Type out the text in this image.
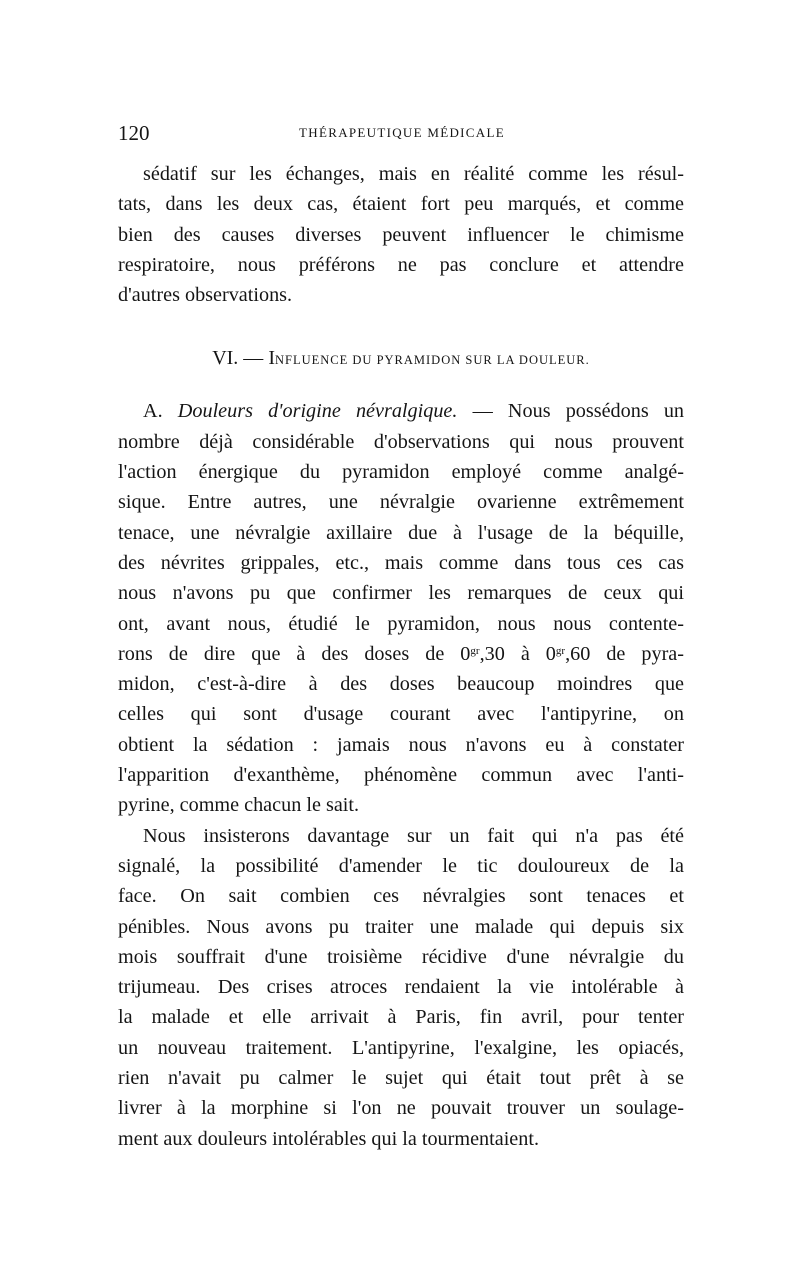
120	THÉRAPEUTIQUE MÉDICALE
sédatif sur les échanges, mais en réalité comme les résul-
tats, dans les deux cas, étaient fort peu marqués, et comme
bien des causes diverses peuvent influencer le chimisme
respiratoire, nous préférons ne pas conclure et attendre
d'autres observations.
VI. — INFLUENCE DU PYRAMIDON SUR LA DOULEUR.
A. Douleurs d'origine névralgique. — Nous possédons un
nombre déjà considérable d'observations qui nous prouvent
l'action énergique du pyramidon employé comme analgé-
sique. Entre autres, une névralgie ovarienne extrêmement
tenace, une névralgie axillaire due à l'usage de la béquille,
des névrites grippales, etc., mais comme dans tous ces cas
nous n'avons pu que confirmer les remarques de ceux qui
ont, avant nous, étudié le pyramidon, nous nous contente-
rons de dire que à des doses de $0^{gr},30$ à $0^{gr},60$ de pyra-
midon, c'est-à-dire à des doses beaucoup moindres que
celles qui sont d'usage courant avec l'antipyrine, on
obtient la sédation : jamais nous n'avons eu à constater
l'apparition d'exanthème, phénomène commun avec l'anti-
pyrine, comme chacun le sait.
Nous insisterons davantage sur un fait qui n'a pas été
signalé, la possibilité d'amender le tic douloureux de la
face. On sait combien ces névralgies sont tenaces et
pénibles. Nous avons pu traiter une malade qui depuis six
mois souffrait d'une troisième récidive d'une névralgie du
trijumeau. Des crises atroces rendaient la vie intolérable à
la malade et elle arrivait à Paris, fin avril, pour tenter
un nouveau traitement. L'antipyrine, l'exalgine, les opiacés,
rien n'avait pu calmer le sujet qui était tout prêt à se
livrer à la morphine si l'on ne pouvait trouver un soulage-
ment aux douleurs intolérables qui la tourmentaient.
